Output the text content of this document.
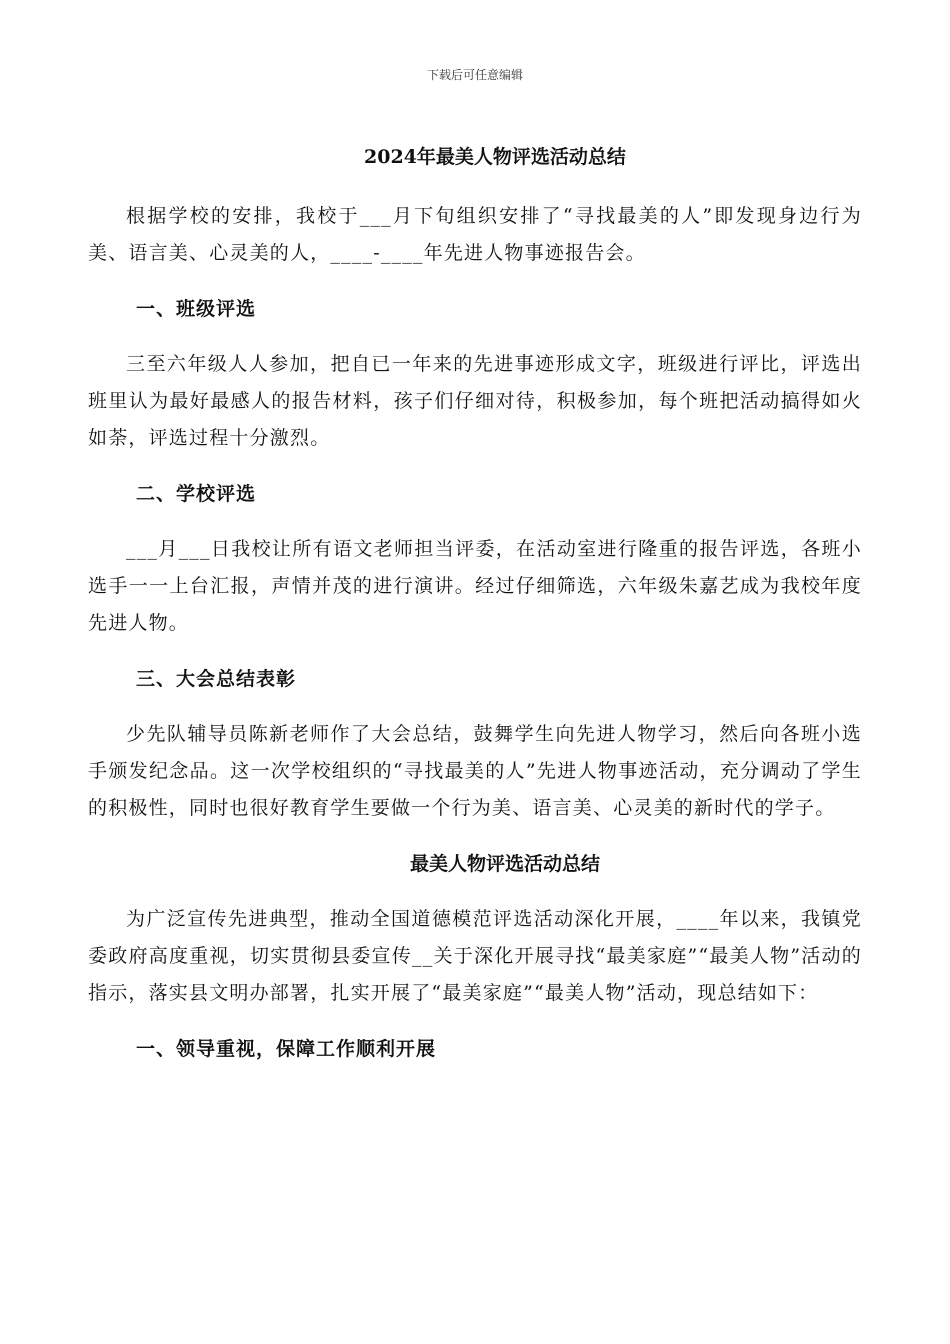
下载后可任意编辑
2024年最美人物评选活动总结

根据学校的安排，我校于___月下旬组织安排了“寻找最美的人”即发现身边行为美、语言美、心灵美的人，____-____年先进人物事迹报告会。

一、班级评选

三至六年级人人参加，把自已一年来的先进事迹形成文字，班级进行评比，评选出班里认为最好最感人的报告材料，孩子们仔细对待，积极参加，每个班把活动搞得如火如荼，评选过程十分激烈。

二、学校评选

___月___日我校让所有语文老师担当评委，在活动室进行隆重的报告评选，各班小选手一一上台汇报，声情并茂的进行演讲。经过仔细筛选，六年级朱嘉艺成为我校年度先进人物。

三、大会总结表彰

少先队辅导员陈新老师作了大会总结，鼓舞学生向先进人物学习，然后向各班小选手颁发纪念品。这一次学校组织的“寻找最美的人”先进人物事迹活动，充分调动了学生的积极性，同时也很好教育学生要做一个行为美、语言美、心灵美的新时代的学子。

最美人物评选活动总结

为广泛宣传先进典型，推动全国道德模范评选活动深化开展，____年以来，我镇党委政府高度重视，切实贯彻县委宣传__关于深化开展寻找“最美家庭”“最美人物”活动的指示，落实县文明办部署，扎实开展了“最美家庭”“最美人物”活动，现总结如下：

一、领导重视，保障工作顺利开展
